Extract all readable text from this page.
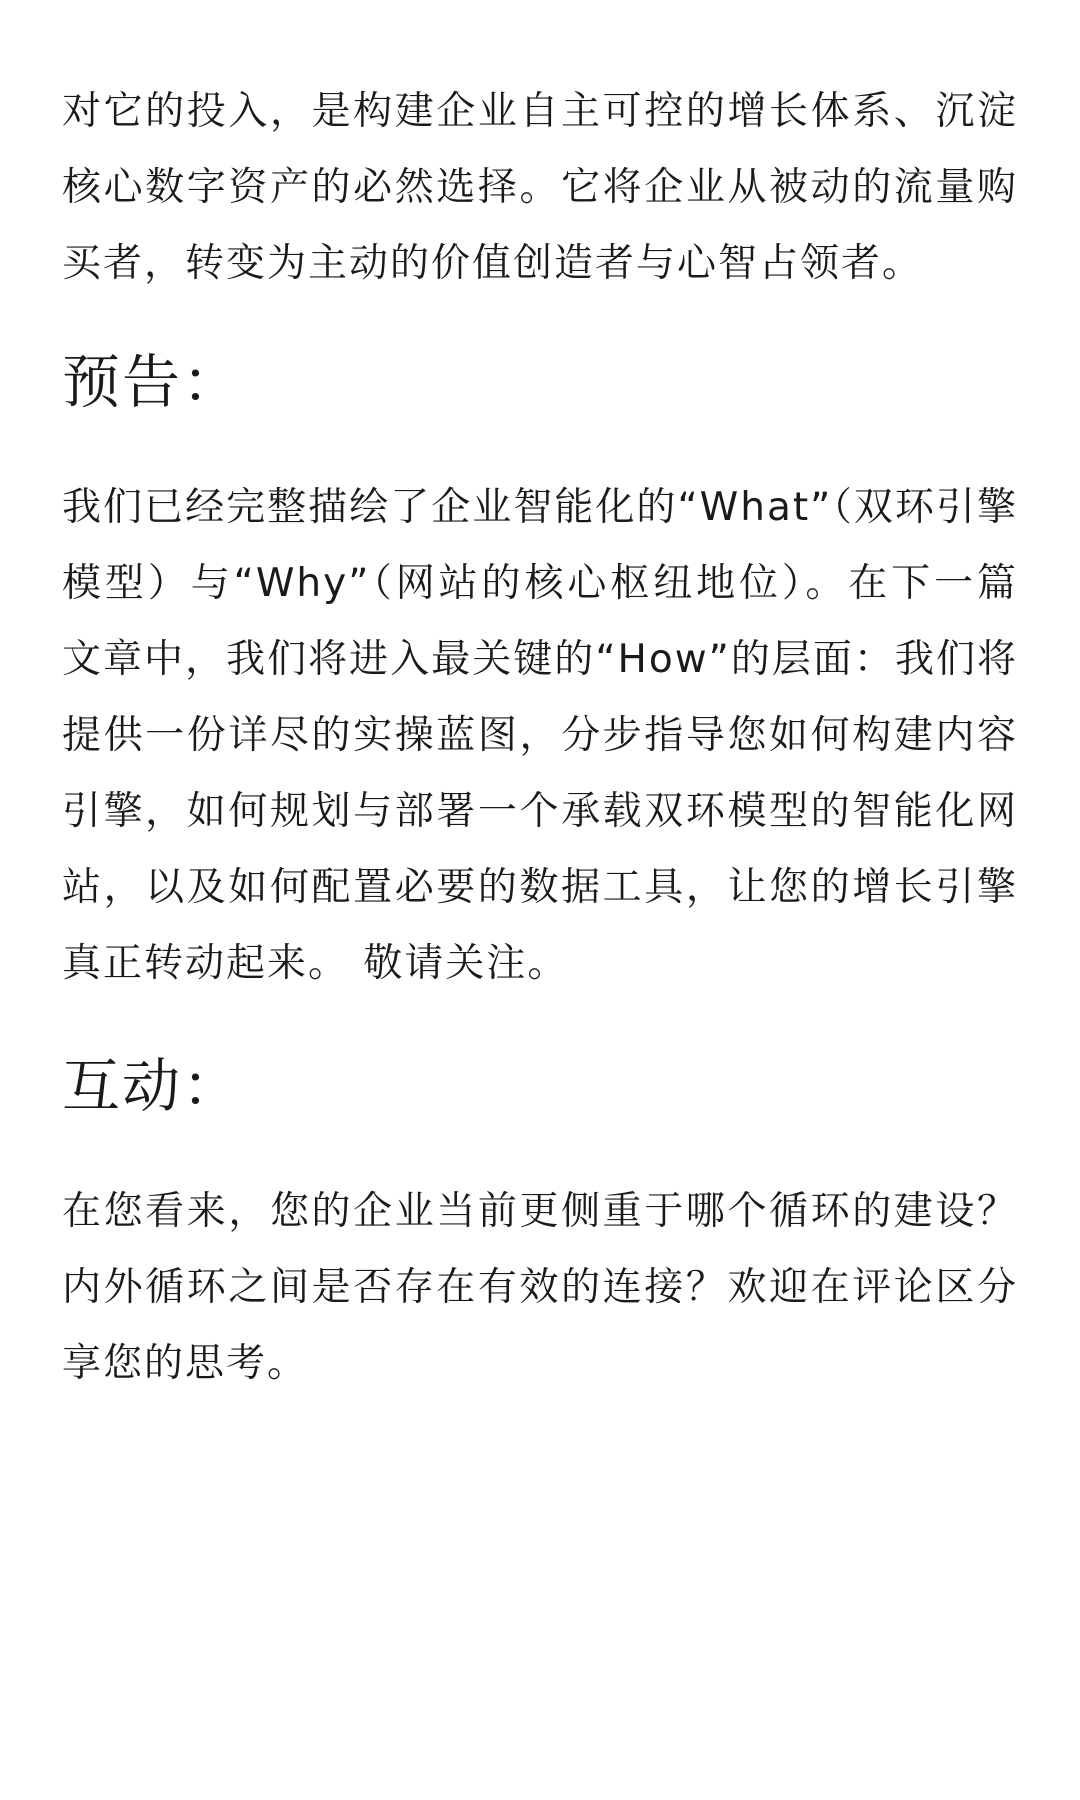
对它的投入，是构建企业自主可控的增长体系、沉淀核心数字资产的必然选择。它将企业从被动的流量购买者，转变为主动的价值创造者与心智占领者。

预告：

我们已经完整描绘了企业智能化的“What”（双环引擎模型）与“Why”（网站的核心枢纽地位）。在下一篇文章中，我们将进入最关键的“How”的层面：我们将提供一份详尽的实操蓝图，分步指导您如何构建内容引擎，如何规划与部署一个承载双环模型的智能化网站，以及如何配置必要的数据工具，让您的增长引擎真正转动起来。 敬请关注。

互动：

在您看来，您的企业当前更侧重于哪个循环的建设？内外循环之间是否存在有效的连接？欢迎在评论区分享您的思考。
